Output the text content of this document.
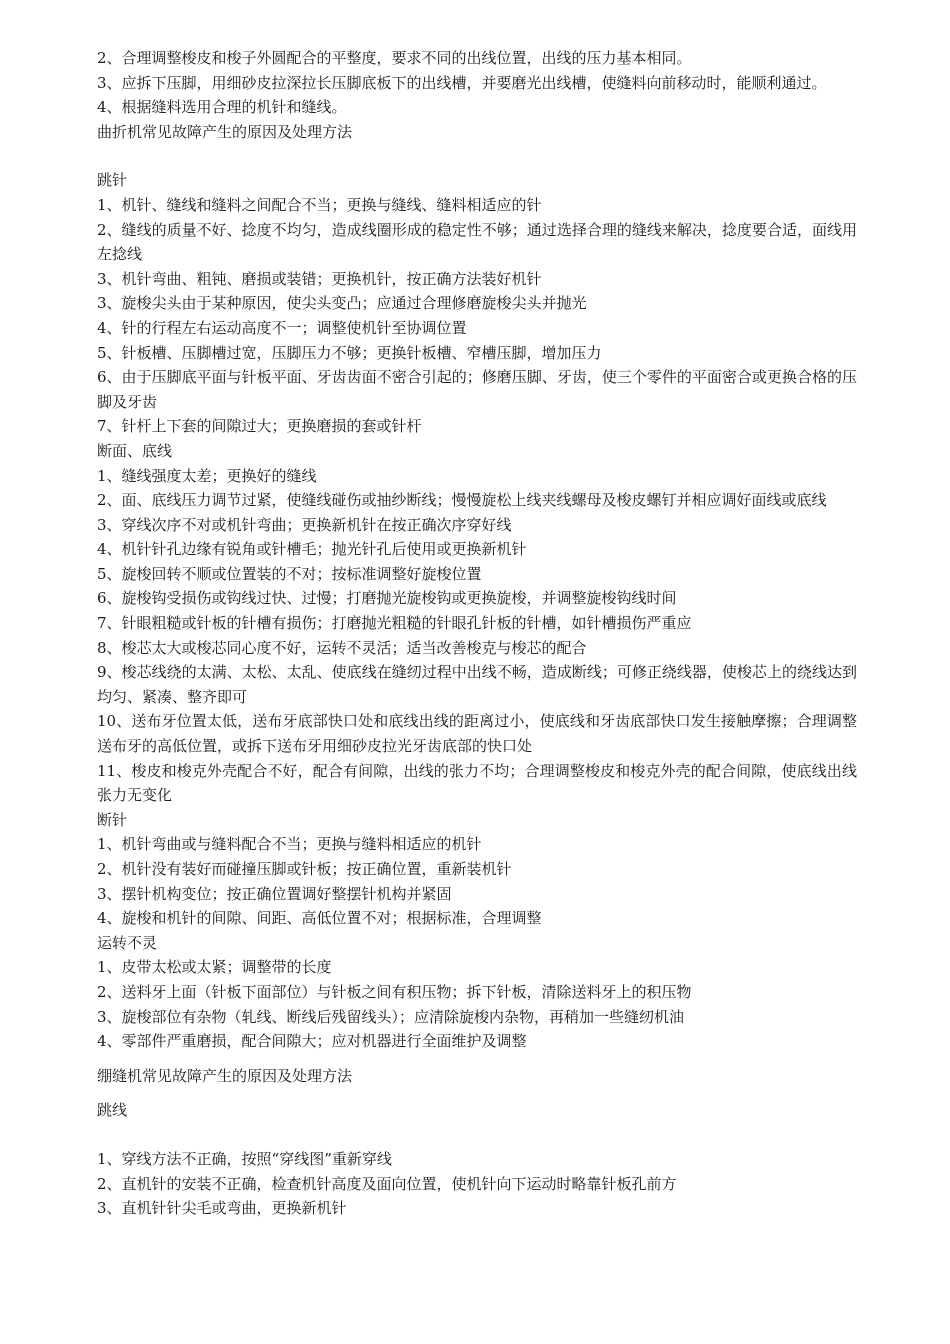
2、合理调整梭皮和梭子外圆配合的平整度，要求不同的出线位置，出线的压力基本相同。
3、应拆下压脚，用细砂皮拉深拉长压脚底板下的出线槽，并要磨光出线槽，使缝料向前移动时，能顺利通过。
4、根据缝料选用合理的机针和缝线。
曲折机常见故障产生的原因及处理方法
跳针
1、机针、缝线和缝料之间配合不当；更换与缝线、缝料相适应的针
2、缝线的质量不好、捻度不均匀，造成线圈形成的稳定性不够；通过选择合理的缝线来解决，捻度要合适，面线用左捻线
3、机针弯曲、粗钝、磨损或装错；更换机针，按正确方法装好机针
3、旋梭尖头由于某种原因，使尖头变凸；应通过合理修磨旋梭尖头并抛光
4、针的行程左右运动高度不一；调整使机针至协调位置
5、针板槽、压脚槽过宽，压脚压力不够；更换针板槽、窄槽压脚，增加压力
6、由于压脚底平面与针板平面、牙齿齿面不密合引起的；修磨压脚、牙齿，使三个零件的平面密合或更换合格的压脚及牙齿
7、针杆上下套的间隙过大；更换磨损的套或针杆
断面、底线
1、缝线强度太差；更换好的缝线
2、面、底线压力调节过紧，使缝线碰伤或抽纱断线；慢慢旋松上线夹线螺母及梭皮螺钉并相应调好面线或底线
3、穿线次序不对或机针弯曲；更换新机针在按正确次序穿好线
4、机针针孔边缘有锐角或针槽毛；抛光针孔后使用或更换新机针
5、旋梭回转不顺或位置装的不对；按标准调整好旋梭位置
6、旋梭钩受损伤或钩线过快、过慢；打磨抛光旋梭钩或更换旋梭，并调整旋梭钩线时间
7、针眼粗糙或针板的针槽有损伤；打磨抛光粗糙的针眼孔针板的针槽，如针槽损伤严重应
8、梭芯太大或梭芯同心度不好，运转不灵活；适当改善梭克与梭芯的配合
9、梭芯线绕的太满、太松、太乱、使底线在缝纫过程中出线不畅，造成断线；可修正绕线器，使梭芯上的绕线达到均匀、紧凑、整齐即可
10、送布牙位置太低，送布牙底部快口处和底线出线的距离过小，使底线和牙齿底部快口发生接触摩擦；合理调整送布牙的高低位置，或拆下送布牙用细砂皮拉光牙齿底部的快口处
11、梭皮和梭克外壳配合不好，配合有间隙，出线的张力不均；合理调整梭皮和梭克外壳的配合间隙，使底线出线张力无变化
断针
1、机针弯曲或与缝料配合不当；更换与缝料相适应的机针
2、机针没有装好而碰撞压脚或针板；按正确位置，重新装机针
3、摆针机构变位；按正确位置调好整摆针机构并紧固
4、旋梭和机针的间隙、间距、高低位置不对；根据标准，合理调整
运转不灵
1、皮带太松或太紧；调整带的长度
2、送料牙上面（针板下面部位）与针板之间有积压物；拆下针板，清除送料牙上的积压物
3、旋梭部位有杂物（轧线、断线后残留线头）；应清除旋梭内杂物，再稍加一些缝纫机油
4、零部件严重磨损，配合间隙大；应对机器进行全面维护及调整
绷缝机常见故障产生的原因及处理方法
跳线
1、穿线方法不正确，按照“穿线图”重新穿线
2、直机针的安装不正确，检查机针高度及面向位置，使机针向下运动时略靠针板孔前方
3、直机针针尖毛或弯曲，更换新机针
